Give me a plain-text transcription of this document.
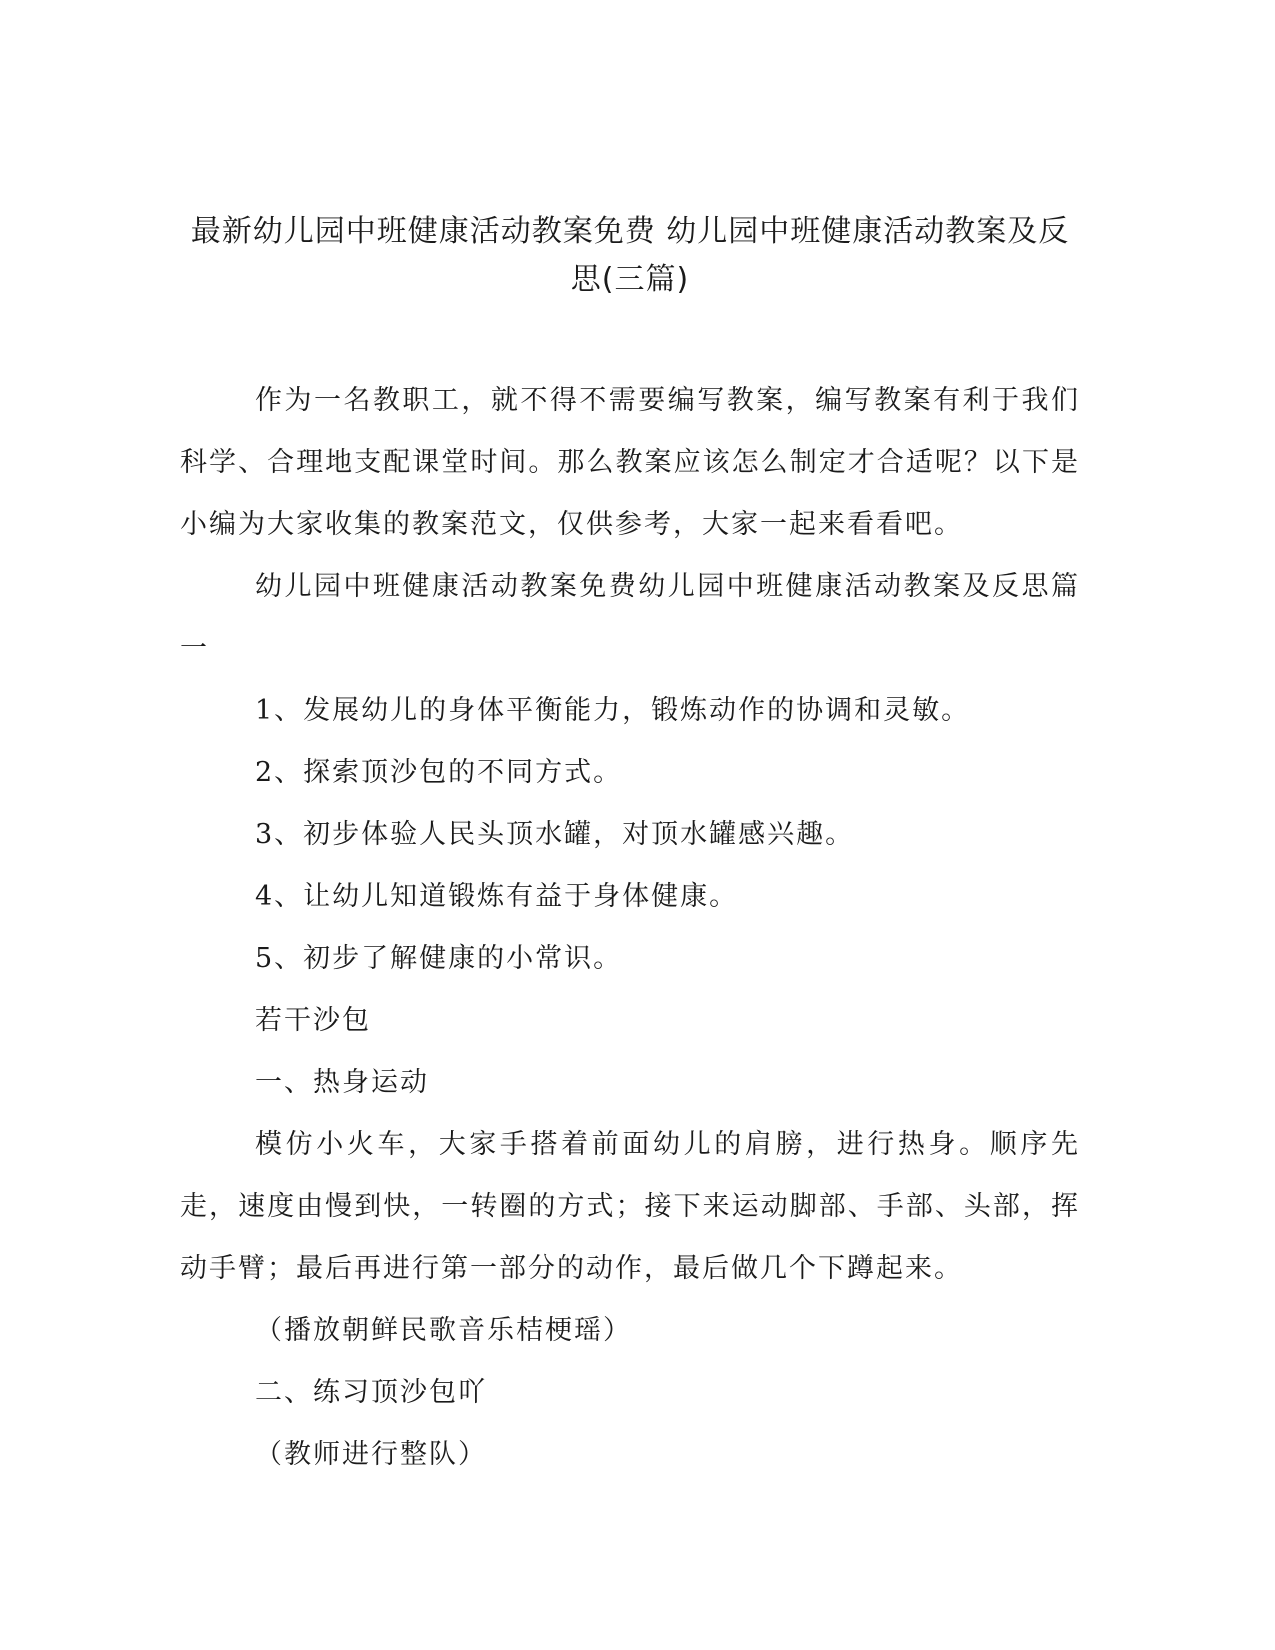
最新幼儿园中班健康活动教案免费 幼儿园中班健康活动教案及反思(三篇)

作为一名教职工，就不得不需要编写教案，编写教案有利于我们科学、合理地支配课堂时间。那么教案应该怎么制定才合适呢？以下是小编为大家收集的教案范文，仅供参考，大家一起来看看吧。

幼儿园中班健康活动教案免费幼儿园中班健康活动教案及反思篇一

1、发展幼儿的身体平衡能力，锻炼动作的协调和灵敏。

2、探索顶沙包的不同方式。

3、初步体验人民头顶水罐，对顶水罐感兴趣。

4、让幼儿知道锻炼有益于身体健康。

5、初步了解健康的小常识。

若干沙包

一、热身运动

模仿小火车，大家手搭着前面幼儿的肩膀，进行热身。顺序先走，速度由慢到快，一转圈的方式；接下来运动脚部、手部、头部，挥动手臂；最后再进行第一部分的动作，最后做几个下蹲起来。

（播放朝鲜民歌音乐桔梗瑶）

二、练习顶沙包吖

（教师进行整队）
